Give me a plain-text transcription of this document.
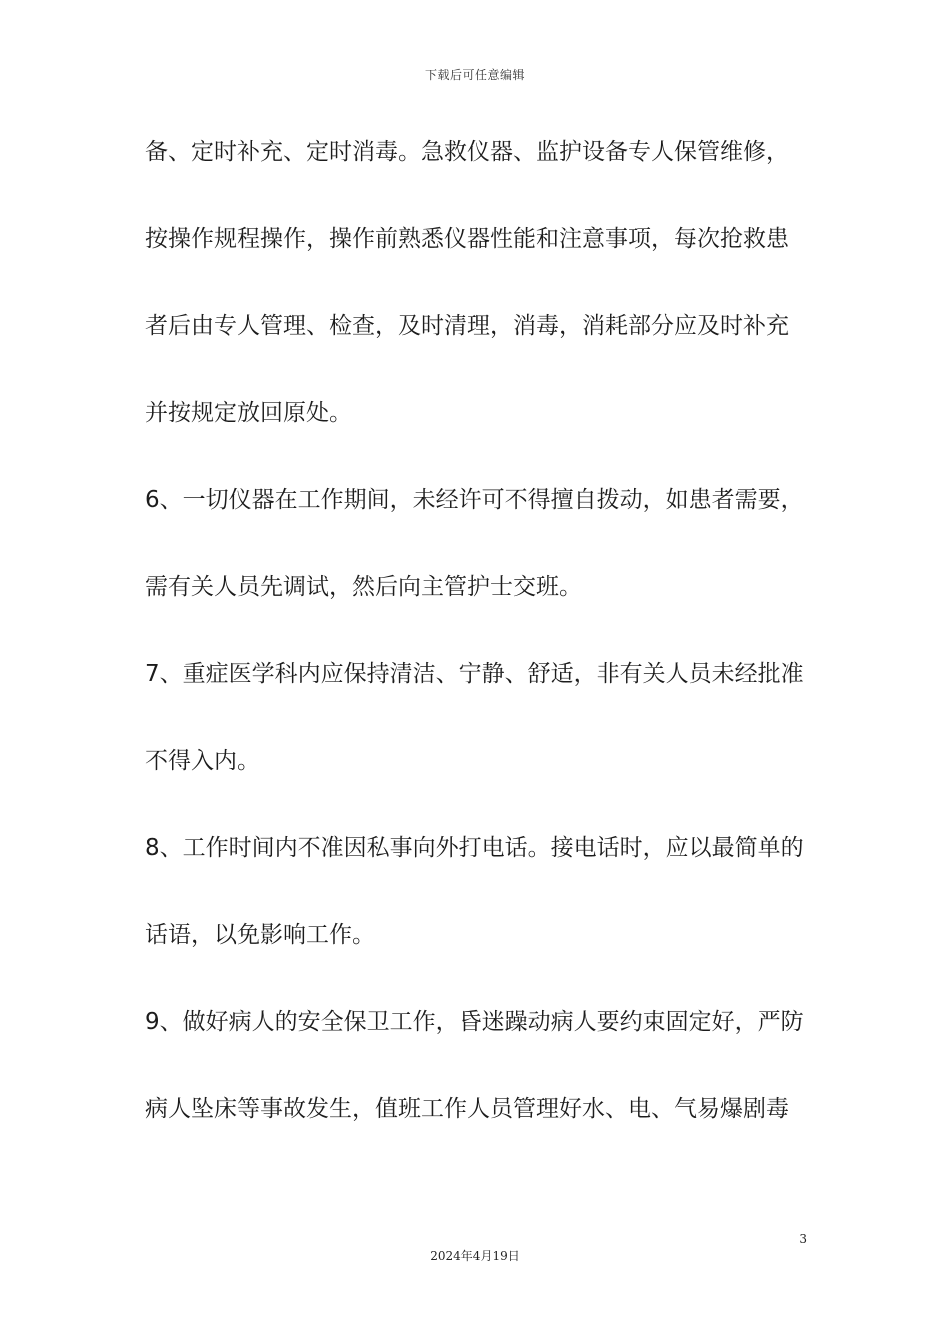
下载后可任意编辑
备、定时补充、定时消毒。急救仪器、监护设备专人保管维修，
按操作规程操作，操作前熟悉仪器性能和注意事项，每次抢救患
者后由专人管理、检查，及时清理，消毒，消耗部分应及时补充
并按规定放回原处。
6、一切仪器在工作期间，未经许可不得擅自拨动，如患者需要，
需有关人员先调试，然后向主管护士交班。
7、重症医学科内应保持清洁、宁静、舒适，非有关人员未经批准
不得入内。
8、工作时间内不准因私事向外打电话。接电话时，应以最简单的
话语，以免影响工作。
9、做好病人的安全保卫工作，昏迷躁动病人要约束固定好，严防
病人坠床等事故发生，值班工作人员管理好水、电、气易爆剧毒
3
2024年4月19日
